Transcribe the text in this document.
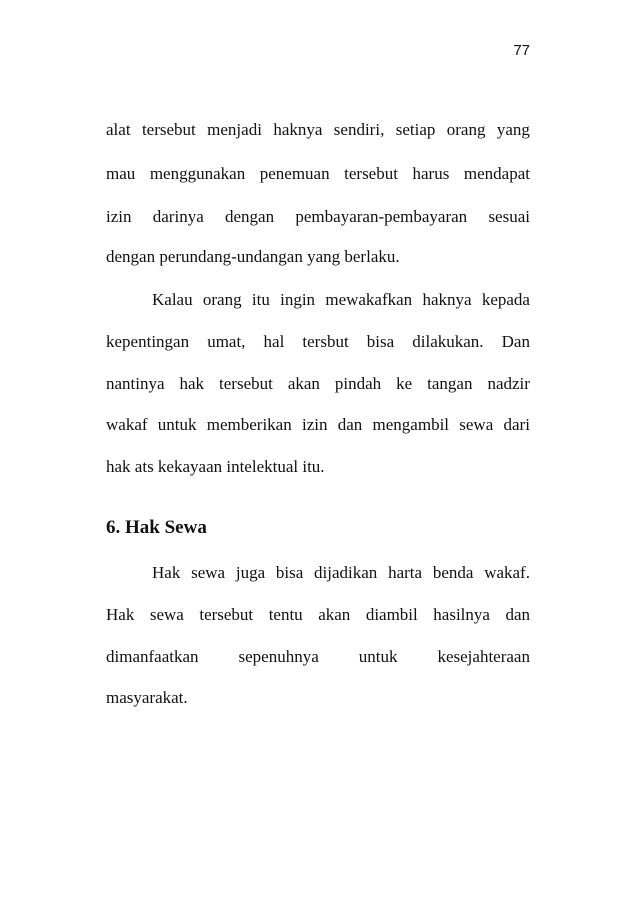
77
alat tersebut menjadi haknya sendiri, setiap orang yang
mau menggunakan penemuan tersebut harus mendapat
izin darinya dengan pembayaran-pembayaran sesuai
dengan perundang-undangan yang berlaku.
Kalau orang itu ingin mewakafkan haknya kepada
kepentingan umat, hal tersbut bisa dilakukan. Dan
nantinya hak tersebut akan pindah ke tangan nadzir
wakaf untuk memberikan izin dan mengambil sewa dari
hak ats kekayaan intelektual itu.
6. Hak Sewa
Hak sewa juga bisa dijadikan harta benda wakaf.
Hak sewa tersebut tentu akan diambil hasilnya dan
dimanfaatkan sepenuhnya untuk kesejahteraan
masyarakat.
